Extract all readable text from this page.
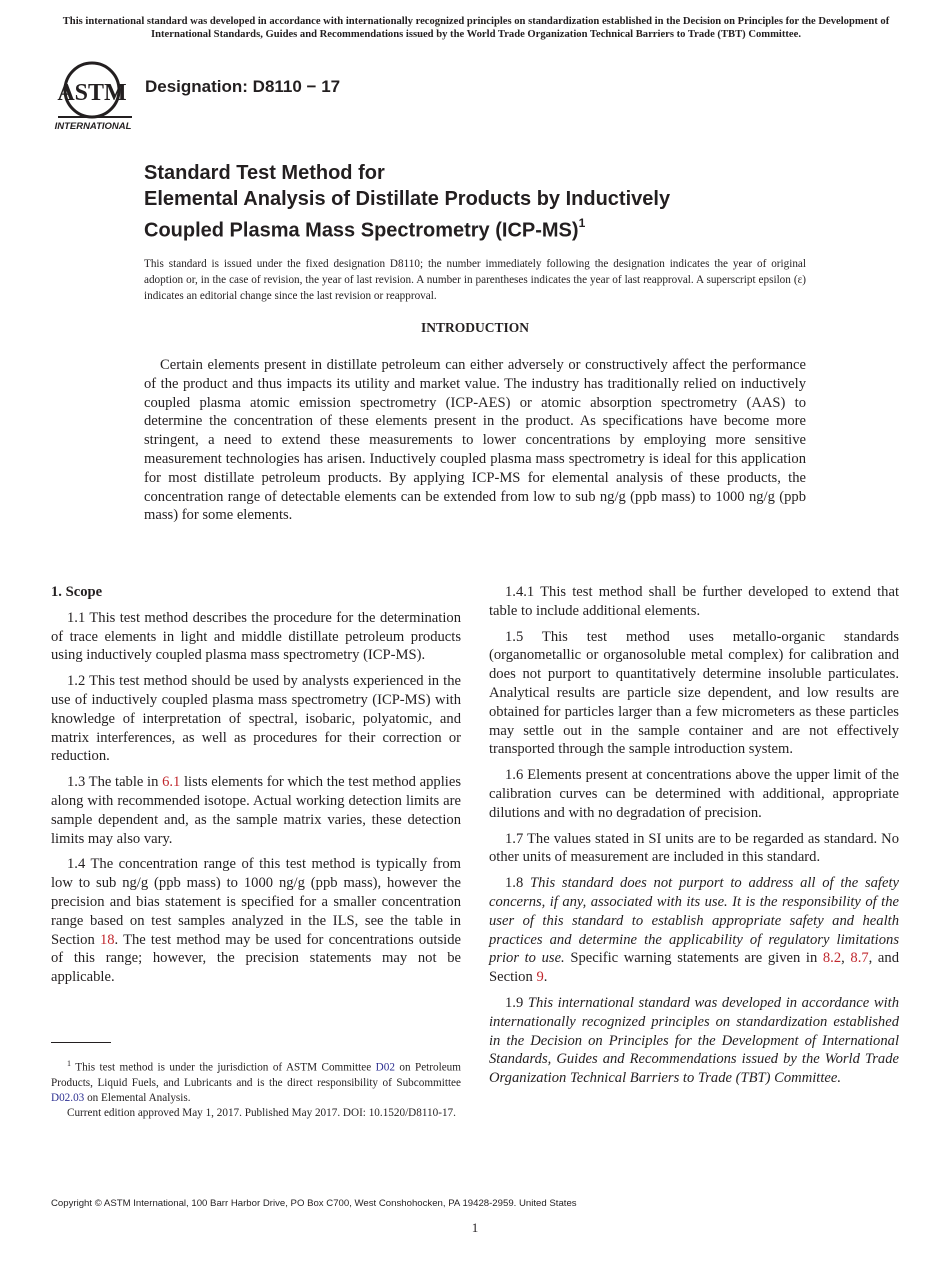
This international standard was developed in accordance with internationally recognized principles on standardization established in the Decision on Principles for the Development of International Standards, Guides and Recommendations issued by the World Trade Organization Technical Barriers to Trade (TBT) Committee.
ASTM
INTERNATIONAL
Designation: D8110 − 17
Standard Test Method for
Elemental Analysis of Distillate Products by Inductively
Coupled Plasma Mass Spectrometry $(ICP-MS)^1$
This standard is issued under the fixed designation D8110; the number immediately following the designation indicates the year of original adoption or, in the case of revision, the year of last revision. A number in parentheses indicates the year of last reapproval. A superscript epsilon (ε) indicates an editorial change since the last revision or reapproval.
INTRODUCTION

Certain elements present in distillate petroleum can either adversely or constructively affect the performance of the product and thus impacts its utility and market value. The industry has traditionally relied on inductively coupled plasma atomic emission spectrometry (ICP-AES) or atomic absorption spectrometry (AAS) to determine the concentration of these elements present in the product. As specifications have become more stringent, a need to extend these measurements to lower concentrations by employing more sensitive measurement technologies has arisen. Inductively coupled plasma mass spectrometry is ideal for this application for most distillate petroleum products. By applying ICP-MS for elemental analysis of these products, the concentration range of detectable elements can be extended from low to sub ng/g (ppb mass) to 1000 ng/g (ppb mass) for some elements.

1. Scope

1.1 This test method describes the procedure for the determination of trace elements in light and middle distillate petroleum products using inductively coupled plasma mass spectrometry (ICP-MS).

1.2 This test method should be used by analysts experienced in the use of inductively coupled plasma mass spectrometry (ICP-MS) with knowledge of interpretation of spectral, isobaric, polyatomic, and matrix interferences, as well as procedures for their correction or reduction.

1.3 The table in 6.1 lists elements for which the test method applies along with recommended isotope. Actual working detection limits are sample dependent and, as the sample matrix varies, these detection limits may also vary.

1.4 The concentration range of this test method is typically from low to sub ng/g (ppb mass) to 1000 ng/g (ppb mass), however the precision and bias statement is specified for a smaller concentration range based on test samples analyzed in the ILS, see the table in Section 18. The test method may be used for concentrations outside of this range; however, the precision statements may not be applicable.

1.4.1 This test method shall be further developed to extend that table to include additional elements.

1.5 This test method uses metallo-organic standards (organometallic or organosoluble metal complex) for calibration and does not purport to quantitatively determine insoluble particulates. Analytical results are particle size dependent, and low results are obtained for particles larger than a few micrometers as these particles may settle out in the sample container and are not effectively transported through the sample introduction system.

1.6 Elements present at concentrations above the upper limit of the calibration curves can be determined with additional, appropriate dilutions and with no degradation of precision.

1.7 The values stated in SI units are to be regarded as standard. No other units of measurement are included in this standard.

1.8 This standard does not purport to address all of the safety concerns, if any, associated with its use. It is the responsibility of the user of this standard to establish appropriate safety and health practices and determine the applicability of regulatory limitations prior to use. Specific warning statements are given in 8.2, 8.7, and Section 9.

1.9 This international standard was developed in accordance with internationally recognized principles on standardization established in the Decision on Principles for the Development of International Standards, Guides and Recommendations issued by the World Trade Organization Technical Barriers to Trade (TBT) Committee.

$^1$ This test method is under the jurisdiction of ASTM Committee D02 on Petroleum Products, Liquid Fuels, and Lubricants and is the direct responsibility of Subcommittee D02.03 on Elemental Analysis.

Current edition approved May 1, 2017. Published May 2017. DOI: 10.1520/D8110-17.

Copyright © ASTM International, 100 Barr Harbor Drive, PO Box C700, West Conshohocken, PA 19428-2959. United States
1
